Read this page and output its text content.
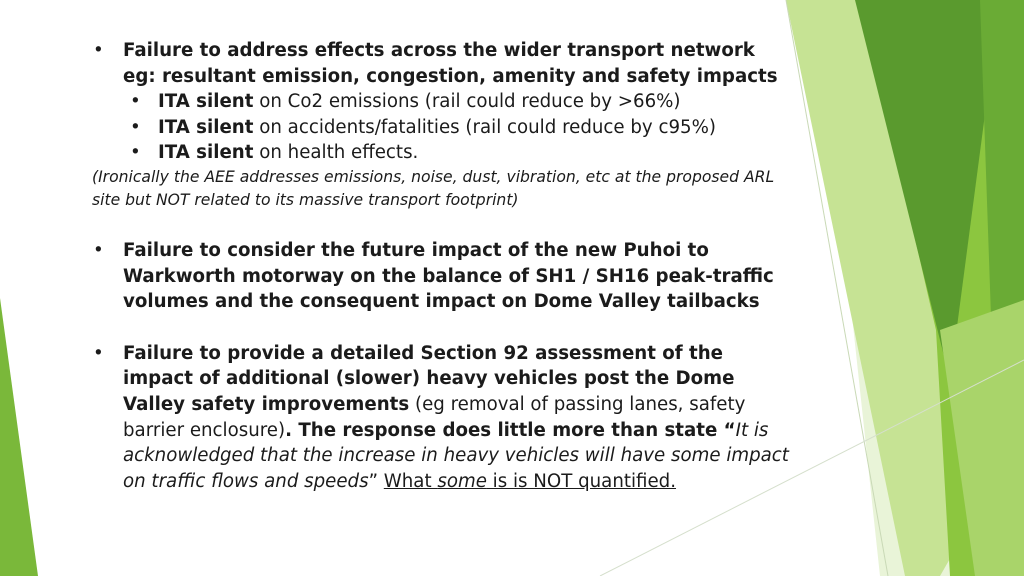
•	Failure to address effects across the wider transport network eg: resultant emission, congestion, amenity and safety impacts
• ITA silent on Co2 emissions (rail could reduce by >66%)
• ITA silent on accidents/fatalities (rail could reduce by c95%)
• ITA silent on health effects.
(Ironically the AEE addresses emissions, noise, dust, vibration, etc at the proposed ARL site but NOT related to its massive transport footprint)
•	Failure to consider the future impact of the new Puhoi to Warkworth motorway on the balance of SH1 / SH16 peak-traffic volumes and the consequent impact on Dome Valley tailbacks
•	Failure to provide a detailed Section 92 assessment of the impact of additional (slower) heavy vehicles post the Dome Valley safety improvements (eg removal of passing lanes, safety barrier enclosure). The response does little more than state “It is acknowledged that the increase in heavy vehicles will have some impact on traffic flows and speeds” What some is is NOT quantified.
